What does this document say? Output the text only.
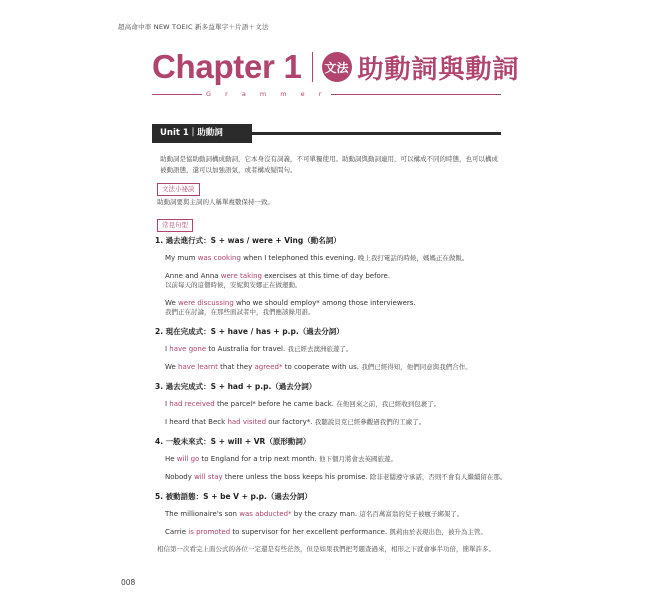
超高命中率 NEW TOEIC 新多益單字＋片語＋文法
Chapter 1 文法 助動詞與動詞
G r a m m e r
Unit 1｜助動詞

助動詞是協助動詞構成動詞，它本身沒有詞義，不可單獨使用。助動詞與動詞連用，可以構成不同的時態，也可以構成被動語態，還可以加強語氣，或者構成疑問句。

文法小祕訣
助動詞要與主詞的人稱單複數保持一致。
常見句型
1. 過去進行式：S + was / were + Ving（動名詞）
My mum was cooking when I telephoned this evening. 晚上我打電話的時候，媽媽正在做飯。
Anne and Anna were taking exercises at this time of day before.
以前每天的這個時候，安妮與安娜正在做運動。
We were discussing who we should employ* among those interviewers.
我們正在討論，在那些面試者中，我們應該錄用誰。
2. 現在完成式：S + have / has + p.p.（過去分詞）
I have gone to Australia for travel. 我已經去澳洲旅遊了。
We have learnt that they agreed* to cooperate with us. 我們已經得知，他們同意與我們合作。
3. 過去完成式：S + had + p.p.（過去分詞）
I had received the parcel* before he came back. 在他回來之前，我已經收到包裹了。
I heard that Beck had visited our factory*. 我聽說貝克已經參觀過我們的工廠了。
4. 一般未來式：S + will + VR（原形動詞）
He will go to England for a trip next month. 他下個月將會去英國旅遊。
Nobody will stay there unless the boss keeps his promise. 除非老闆遵守承諾，否則不會有人繼續留在那。
5. 被動語態：S + be V + p.p.（過去分詞）
The millionaire's son was abducted* by the crazy man. 這名百萬富翁的兒子被瘋子綁架了。
Carrie is promoted to supervisor for her excellent performance. 凱莉由於表現出色，被升為主管。
相信第一次看完上面公式的各位一定還是有些茫然，但是如果我們把考題查過來，相形之下就會事半功倍，簡單許多。
008
